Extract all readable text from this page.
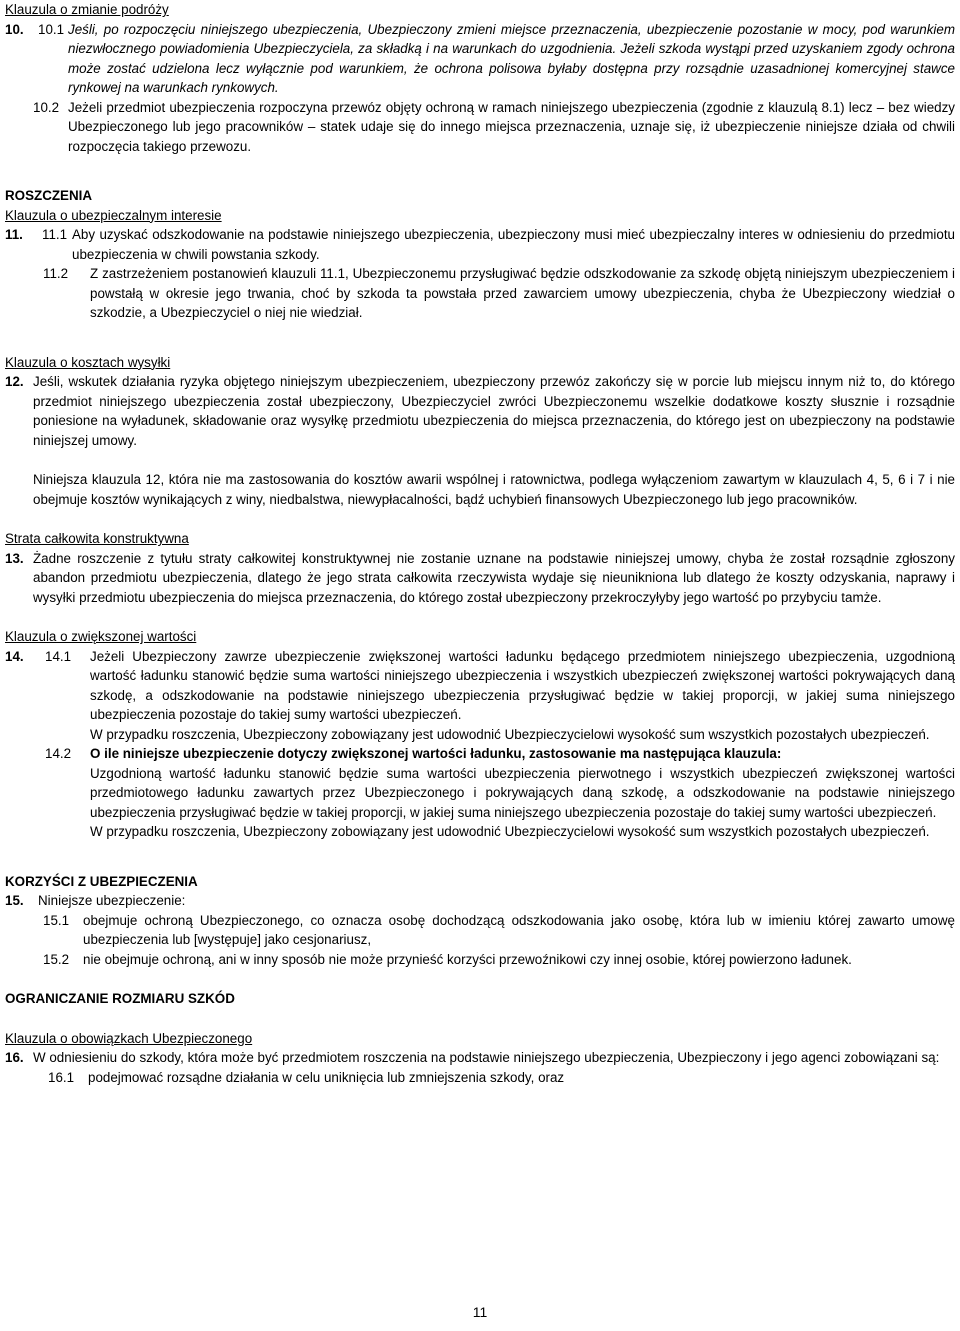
Klauzula o zmianie podróży
10.	10.1 Jeśli, po rozpoczęciu niniejszego ubezpieczenia, Ubezpieczony zmieni miejsce przeznaczenia, ubezpieczenie pozostanie w mocy, pod warunkiem niezwłocznego powiadomienia Ubezpieczyciela, za składką i na warunkach do uzgodnienia. Jeżeli szkoda wystąpi przed uzyskaniem zgody ochrona może zostać udzielona lecz wyłącznie pod warunkiem, że ochrona polisowa byłaby dostępna przy rozsądnie uzasadnionej komercyjnej stawce rynkowej na warunkach rynkowych.
10.2 Jeżeli przedmiot ubezpieczenia rozpoczyna przewóz objęty ochroną w ramach niniejszego ubezpieczenia (zgodnie z klauzulą 8.1) lecz – bez wiedzy Ubezpieczonego lub jego pracowników – statek udaje się do innego miejsca przeznaczenia, uznaje się, iż ubezpieczenie niniejsze działa od chwili rozpoczęcia takiego przewozu.
ROSZCZENIA
Klauzula o ubezpieczalnym interesie
11.	11.1 Aby uzyskać odszkodowanie na podstawie niniejszego ubezpieczenia, ubezpieczony musi mieć ubezpieczalny interes w odniesieniu do przedmiotu ubezpieczenia w chwili powstania szkody.
11.2	Z zastrzeżeniem postanowień klauzuli 11.1, Ubezpieczonemu przysługiwać będzie odszkodowanie za szkodę objętą niniejszym ubezpieczeniem i powstałą w okresie jego trwania, choć by szkoda ta powstała przed zawarciem umowy ubezpieczenia, chyba że Ubezpieczony wiedział o szkodzie, a Ubezpieczyciel o niej nie wiedział.
Klauzula o kosztach wysyłki
12. Jeśli, wskutek działania ryzyka objętego niniejszym ubezpieczeniem, ubezpieczony przewóz zakończy się w porcie lub miejscu innym niż to, do którego przedmiot niniejszego ubezpieczenia został ubezpieczony, Ubezpieczyciel zwróci Ubezpieczonemu wszelkie dodatkowe koszty słusznie i rozsądnie poniesione na wyładunek, składowanie oraz wysyłkę przedmiotu ubezpieczenia do miejsca przeznaczenia, do którego jest on ubezpieczony na podstawie niniejszej umowy.
Niniejsza klauzula 12, która nie ma zastosowania do kosztów awarii wspólnej i ratownictwa, podlega wyłączeniom zawartym w klauzulach 4, 5, 6 i 7 i nie obejmuje kosztów wynikających z winy, niedbalstwa, niewypłacalności, bądź uchybień finansowych Ubezpieczonego lub jego pracowników.
Strata całkowita konstruktywna
13. Żadne roszczenie z tytułu straty całkowitej konstruktywnej nie zostanie uznane na podstawie niniejszej umowy, chyba że został rozsądnie zgłoszony abandon przedmiotu ubezpieczenia, dlatego że jego strata całkowita rzeczywista wydaje się nieuniknionа lub dlatego że koszty odzyskania, naprawy i wysyłki przedmiotu ubezpieczenia do miejsca przeznaczenia, do którego został ubezpieczony przekroczyłyby jego wartość po przybyciu tamże.
Klauzula o zwiększonej wartości
14.	14.1	Jeżeli Ubezpieczony zawrze ubezpieczenie zwiększonej wartości ładunku będącego przedmiotem niniejszego ubezpieczenia, uzgodnioną wartość ładunku stanowić będzie suma wartości niniejszego ubezpieczenia i wszystkich ubezpieczeń zwiększonej wartości pokrywających daną szkodę, a odszkodowanie na podstawie niniejszego ubezpieczenia przysługiwać będzie w takiej proporcji, w jakiej suma niniejszego ubezpieczenia pozostaje do takiej sumy wartości ubezpieczeń.
W przypadku roszczenia, Ubezpieczony zobowiązany jest udowodnić Ubezpieczycielowi wysokość sum wszystkich pozostałych ubezpieczeń.
14.2	O ile niniejsze ubezpieczenie dotyczy zwiększonej wartości ładunku, zastosowanie ma następująca klauzula:
Uzgodnioną wartość ładunku stanowić będzie suma wartości ubezpieczenia pierwotnego i wszystkich ubezpieczeń zwiększonej wartości przedmiotowego ładunku zawartych przez Ubezpieczonego i pokrywających daną szkodę, a odszkodowanie na podstawie niniejszego ubezpieczenia przysługiwać będzie w takiej proporcji, w jakiej suma niniejszego ubezpieczenia pozostaje do takiej sumy wartości ubezpieczeń.
W przypadku roszczenia, Ubezpieczony zobowiązany jest udowodnić Ubezpieczycielowi wysokość sum wszystkich pozostałych ubezpieczeń.
KORZYŚCI Z UBEZPIECZENIA
15.	Niniejsze ubezpieczenie:
15.1	obejmuje ochroną Ubezpieczonego, co oznacza osobę dochodzącą odszkodowania jako osobę, która lub w imieniu której zawarto umowę ubezpieczenia lub [występuje] jako cesjonariusz,
15.2	nie obejmuje ochroną, ani w inny sposób nie może przynieść korzyści przewoźnikowi czy innej osobie, której powierzono ładunek.
OGRANICZANIE ROZMIARU SZKÓD
Klauzula o obowiązkach Ubezpieczonego
16. W odniesieniu do szkody, która może być przedmiotem roszczenia na podstawie niniejszego ubezpieczenia, Ubezpieczony i jego agenci zobowiązani są:
16.1	podejmować rozsądne działania w celu uniknięcia lub zmniejszenia szkody, oraz
11
